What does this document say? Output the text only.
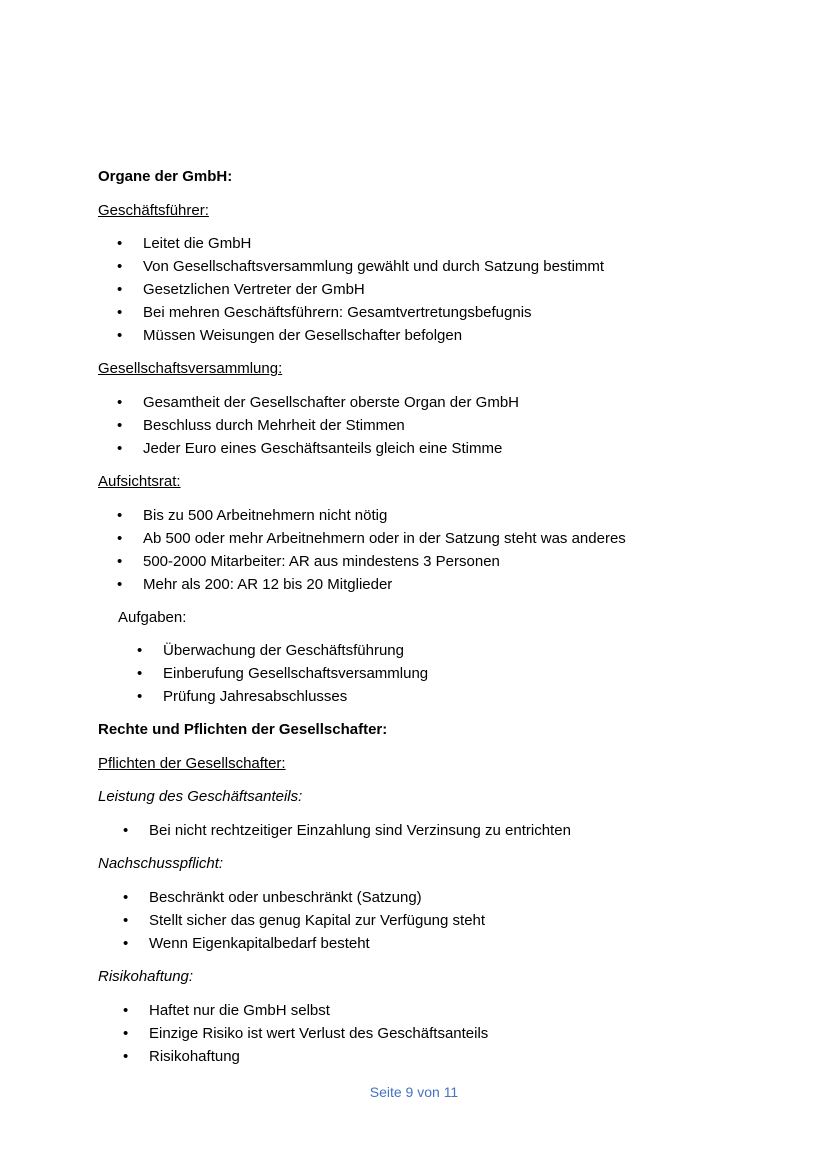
Organe der GmbH:
Geschäftsführer:
• Leitet die GmbH
• Von Gesellschaftsversammlung gewählt und durch Satzung bestimmt
• Gesetzlichen Vertreter der GmbH
• Bei mehren Geschäftsführern: Gesamtvertretungsbefugnis
• Müssen Weisungen der Gesellschafter befolgen
Gesellschaftsversammlung:
• Gesamtheit der Gesellschafter oberste Organ der GmbH
• Beschluss durch Mehrheit der Stimmen
• Jeder Euro eines Geschäftsanteils gleich eine Stimme
Aufsichtsrat:
• Bis zu 500 Arbeitnehmern nicht nötig
• Ab 500 oder mehr Arbeitnehmern oder in der Satzung steht was anderes
• 500-2000 Mitarbeiter: AR aus mindestens 3 Personen
• Mehr als 200: AR 12 bis 20 Mitglieder
Aufgaben:
• Überwachung der Geschäftsführung
• Einberufung Gesellschaftsversammlung
• Prüfung Jahresabschlusses
Rechte und Pflichten der Gesellschafter:
Pflichten der Gesellschafter:
Leistung des Geschäftsanteils:
• Bei nicht rechtzeitiger Einzahlung sind Verzinsung zu entrichten
Nachschusspflicht:
• Beschränkt oder unbeschränkt (Satzung)
• Stellt sicher das genug Kapital zur Verfügung steht
• Wenn Eigenkapitalbedarf besteht
Risikohaftung:
• Haftet nur die GmbH selbst
• Einzige Risiko ist wert Verlust des Geschäftsanteils
• Risikohaftung
Seite 9 von 11
